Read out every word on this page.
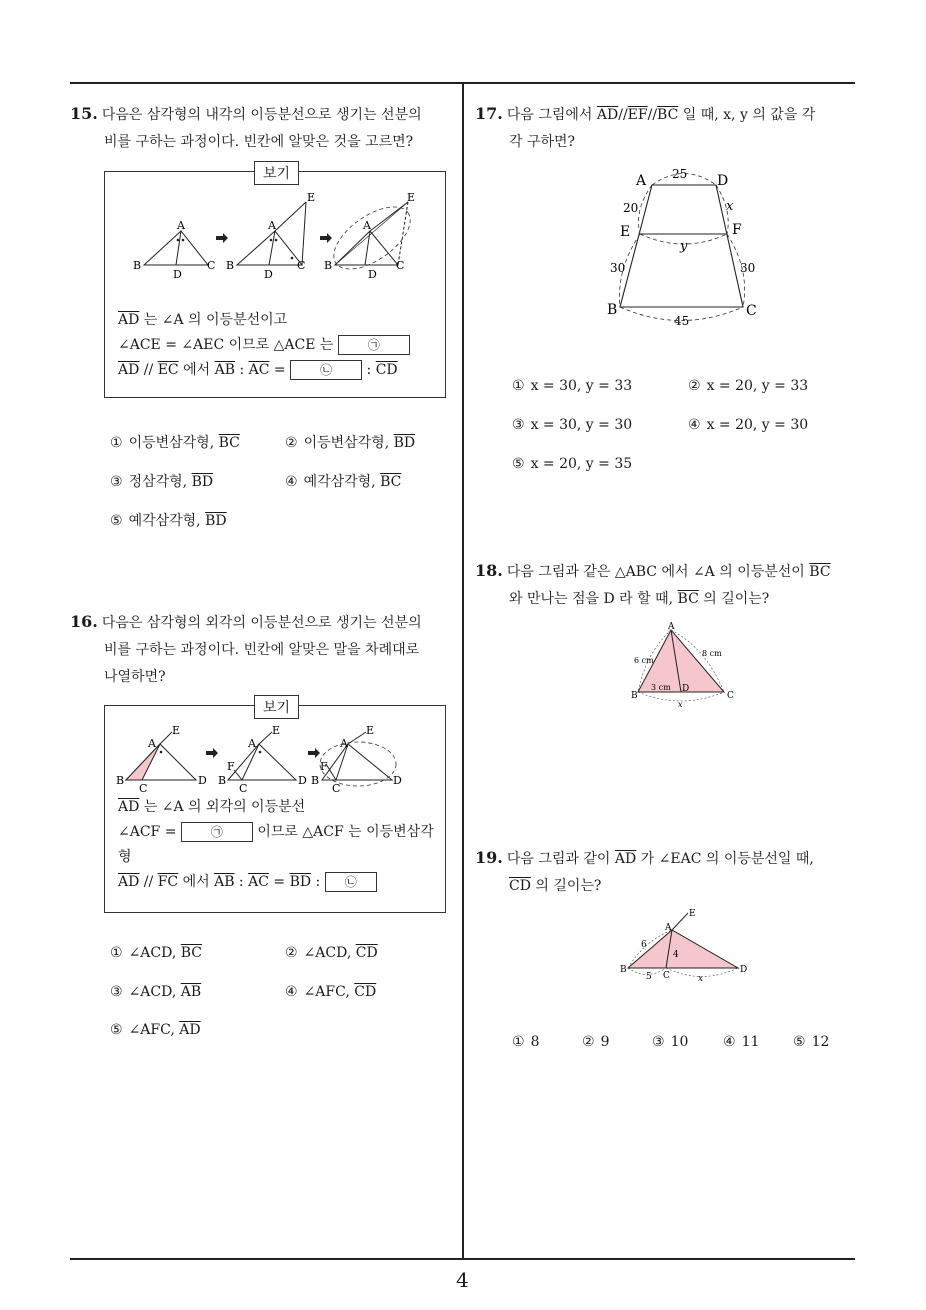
15. 다음은 삼각형의 내각의 이등분선으로 생기는 선분의
비를 구하는 과정이다. 빈칸에 알맞은 것을 고르면?
보기
A
B	C
D
A
B	C
D
E
A
B	C
D
E
$\overline{AD}$ 는 ∠A 의 이등분선이고
∠ACE = ∠AEC 이므로 △ACE 는	㉠
$\overline{AD} // \overline{EC}$ 에서 $\overline{AB}$ : $\overline{AC}$ = ㉡ : $\overline{CD}$
① 이등변삼각형, $\overline{BC}$	② 이등변삼각형, $\overline{BD}$
③ 정삼각형, $\overline{BD}$	④ 예각삼각형, $\overline{BC}$
⑤ 예각삼각형, $\overline{BD}$
16. 다음은 삼각형의 외각의 이등분선으로 생기는 선분의
비를 구하는 과정이다. 빈칸에 알맞은 말을 차례대로
나열하면?
보기
A
E
B
C
D
A
E
F
B
C
D
A
E
F
B
C
D
$\overline{AD}$ 는 ∠A 의 외각의 이등분선
∠ACF =	㉠ 이므로 △ACF 는 이등변삼각
형
$\overline{AD} // \overline{FC}$ 에서 $\overline{AB}$ : $\overline{AC} = \overline{BD}$ : ㉡
① ∠ACD, $\overline{BC}$	② ∠ACD, $\overline{CD}$
③ ∠ACD, $\overline{AB}$	④ ∠AFC, $\overline{CD}$
⑤ ∠AFC, $\overline{AD}$
17. 다음 그림에서 $\overline{AD}//\overline{EF}//\overline{BC}$ 일 때, x, y 의 값을 각
각 구하면?
A	D
E	F
B	C
25
20
30	30
45
x
y
① x = 30, y = 33	② x = 20, y = 33
③ x = 30, y = 30	④ x = 20, y = 30
⑤ x = 20, y = 35
18. 다음 그림과 같은 △ABC 에서 ∠A 의 이등분선이 $\overline{BC}$
와 만나는 점을 D 라 할 때, $\overline{BC}$ 의 길이는?
A
B	C
D
6 cm
8 cm
3 cm
x
19. 다음 그림과 같이 $\overline{AD}$ 가 ∠EAC 의 이등분선일 때,
$\overline{CD}$ 의 길이는?
A
E
B
C
D
6
4
5	x
① 8	② 9	③ 10 ④ 11 ⑤ 12
4
